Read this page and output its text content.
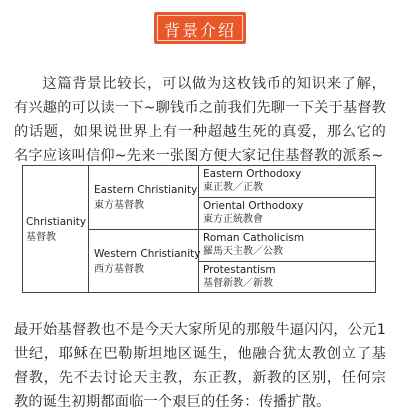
背景介绍

这篇背景比较长，可以做为这枚钱币的知识来了解，有兴趣的可以读一下~聊钱币之前我们先聊一下关于基督教的话题，如果说世界上有一种超越生死的真爱，那么它的名字应该叫信仰~先来一张图方便大家记住基督教的派系~

Christianity
基督教
Eastern Christianity
東方基督教
Eastern Orthodoxy
東正教／正教
Oriental Orthodoxy
東方正統教會
Western Christianity
西方基督教
Roman Catholicism
羅馬天主教／公教
Protestantism
基督新教／新教

最开始基督教也不是今天大家所见的那般牛逼闪闪，公元1世纪，耶稣在巴勒斯坦地区诞生，他融合犹太教创立了基督教，先不去讨论天主教，东正教，新教的区别，任何宗教的诞生初期都面临一个艰巨的任务：传播扩散。
